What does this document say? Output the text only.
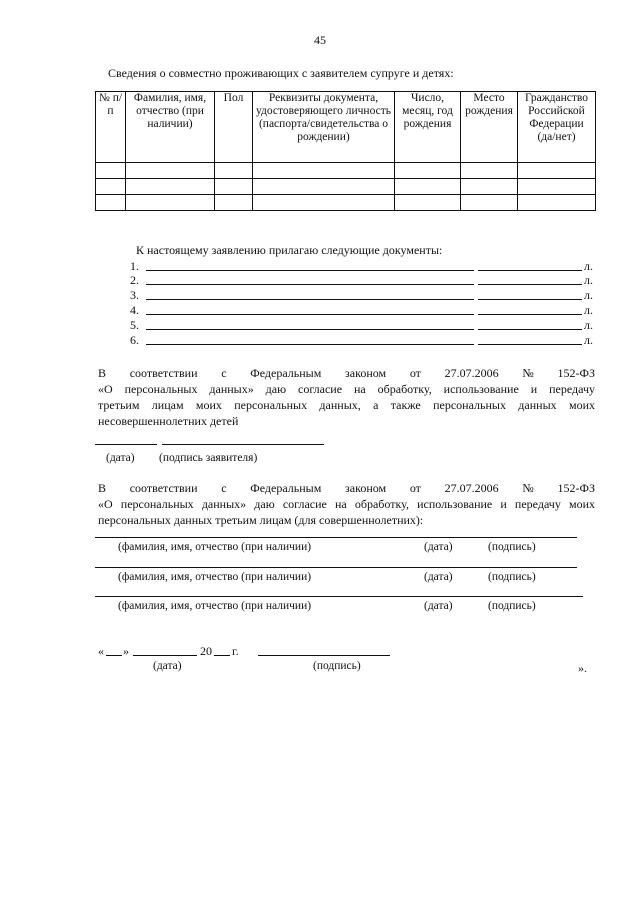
45
Сведения о совместно проживающих с заявителем супруге и детях:
№ п/п	Фамилия, имя, отчество (при наличии)	Пол	Реквизиты документа, удостоверяющего личность (паспорта/свидетельства о рождении)	Число, месяц, год рождения	Место рождения	Гражданство Российской Федерации (да/нет)

К настоящему заявлению прилагаю следующие документы:
1.	л.
2.	л.
3.	л.
4.	л.
5.	л.
6.	л.
В соответствии с Федеральным законом от 27.07.2006 № 152-ФЗ
«О персональных данных» даю согласие на обработку, использование и передачу
третьим лицам моих персональных данных, а также персональных данных моих
несовершеннолетних детей
(дата) (подпись заявителя)
В соответствии с Федеральным законом от 27.07.2006 № 152-ФЗ
«О персональных данных» даю согласие на обработку, использование и передачу моих
персональных данных третьим лицам (для совершеннолетних):
(фамилия, имя, отчество (при наличии)	(дата)	(подпись)
(фамилия, имя, отчество (при наличии)	(дата)	(подпись)
(фамилия, имя, отчество (при наличии)	(дата)	(подпись)
« »	20 г.
(дата)	(подпись)	».
